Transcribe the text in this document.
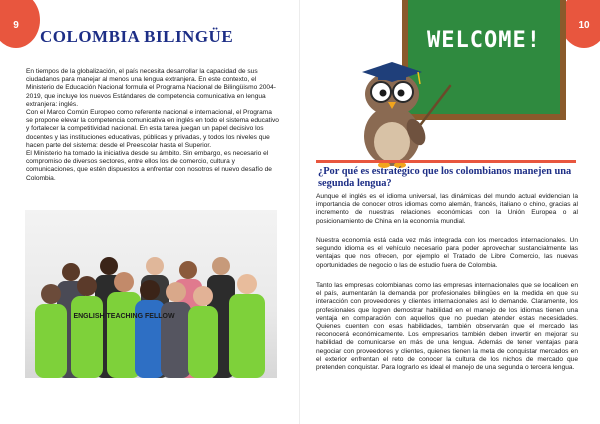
9
COLOMBIA BILINGÜE

En tiempos de la globalización, el país necesita desarrollar la capacidad de sus ciudadanos para manejar al menos una lengua extranjera. En este contexto, el Ministerio de Educación Nacional formula el Programa Nacional de Bilingüismo 2004-2019, que incluye los nuevos Estándares de competencia comunicativa en lengua extranjera: inglés.

Con el Marco Común Europeo como referente nacional e internacional, el Programa se propone elevar la competencia comunicativa en inglés en todo el sistema educativo y fortalecer la competitividad nacional. En esta tarea juegan un papel decisivo los docentes y las instituciones educativas, públicas y privadas, y todos los niveles que hacen parte del sistema: desde el Preescolar hasta el Superior.

El Ministerio ha tomado la iniciativa desde su ámbito. Sin embargo, es necesario el compromiso de diversos sectores, entre ellos los de comercio, cultura y comunicaciones, que estén dispuestos a enfrentar con nosotros el nuevo desafío de Colombia.

ENGLISH TEACHING FELLOW
10
WELCOME!
¿Por qué es estratégico que los colombianos manejen una segunda lengua?

Aunque el inglés es el idioma universal, las dinámicas del mundo actual evidencian la importancia de conocer otros idiomas como alemán, francés, italiano o chino, gracias al incremento de nuestras relaciones económicas con la Unión Europea o al posicionamiento de China en la economía mundial.

Nuestra economía está cada vez más integrada con los mercados internacionales. Un segundo idioma es el vehículo necesario para poder aprovechar sustancialmente las ventajas que nos ofrecen, por ejemplo el Tratado de Libre Comercio, las nuevas oportunidades de negocio o las de estudio fuera de Colombia.

Tanto las empresas colombianas como las empresas internacionales que se localicen en el país, aumentarán la demanda por profesionales bilingües en la medida en que su interacción con proveedores y clientes internacionales así lo demande. Claramente, los profesionales que logren demostrar habilidad en el manejo de los idiomas tienen una ventaja en comparación con aquellos que no puedan atender estas necesidades. Quienes cuenten con esas habilidades, también observarán que el mercado las reconocerá económicamente. Los empresarios también deben invertir en mejorar su habilidad de comunicarse en más de una lengua. Además de tener ventajas para negociar con proveedores y clientes, quienes tienen la meta de conquistar mercados en el exterior enfrentan el reto de conocer la cultura de los nichos de mercado que pretenden conquistar. Para lograrlo es ideal el manejo de una segunda o tercera lengua.
